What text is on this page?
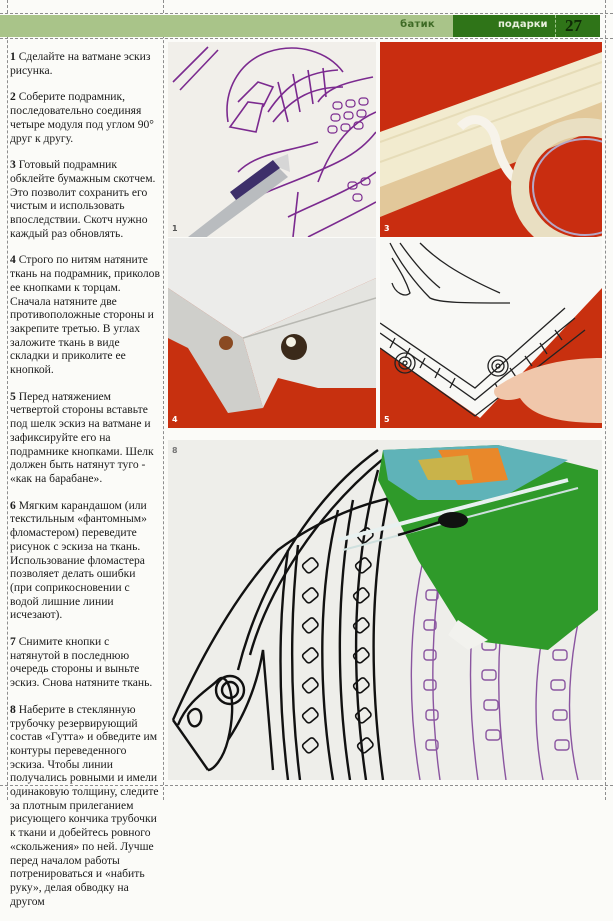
батик	подарки 27

1 Сделайте на ватмане эскиз рисунка.

2 Соберите подрамник, последовательно соединяя четыре модуля под углом 90° друг к другу.

3 Готовый подрамник обклейте бумажным скотчем. Это позволит сохранить его чистым и использовать впоследствии. Скотч нужно каждый раз обновлять.

4 Строго по нитям натяните ткань на подрамник, приколов ее кнопками к торцам. Сначала натяните две противоположные стороны и закрепите третью. В углах заложите ткань в виде складки и приколите ее кнопкой.

5 Перед натяжением четвертой стороны вставьте под шелк эскиз на ватмане и зафиксируйте его на подрамнике кнопками. Шелк должен быть натянут туго - «как на барабане».

6 Мягким карандашом (или текстильным «фантомным» фломастером) переведите рисунок с эскиза на ткань. Использование фломастера позволяет делать ошибки (при соприкосновении с водой лишние линии исчезают).

7 Снимите кнопки с натянутой в последнюю очередь стороны и выньте эскиз. Снова натяните ткань.

8 Наберите в стеклянную трубочку резервирующий состав «Гутта» и обведите им контуры переведенного эскиза. Чтобы линии получались ровными и имели одинаковую толщину, следите за плотным прилеганием рисующего кончика трубочки к ткани и добейтесь ровного «скольжения» по ней. Лучше перед началом работы потренироваться и «набить руку», делая обводку на другом

1	3
4	5
8
